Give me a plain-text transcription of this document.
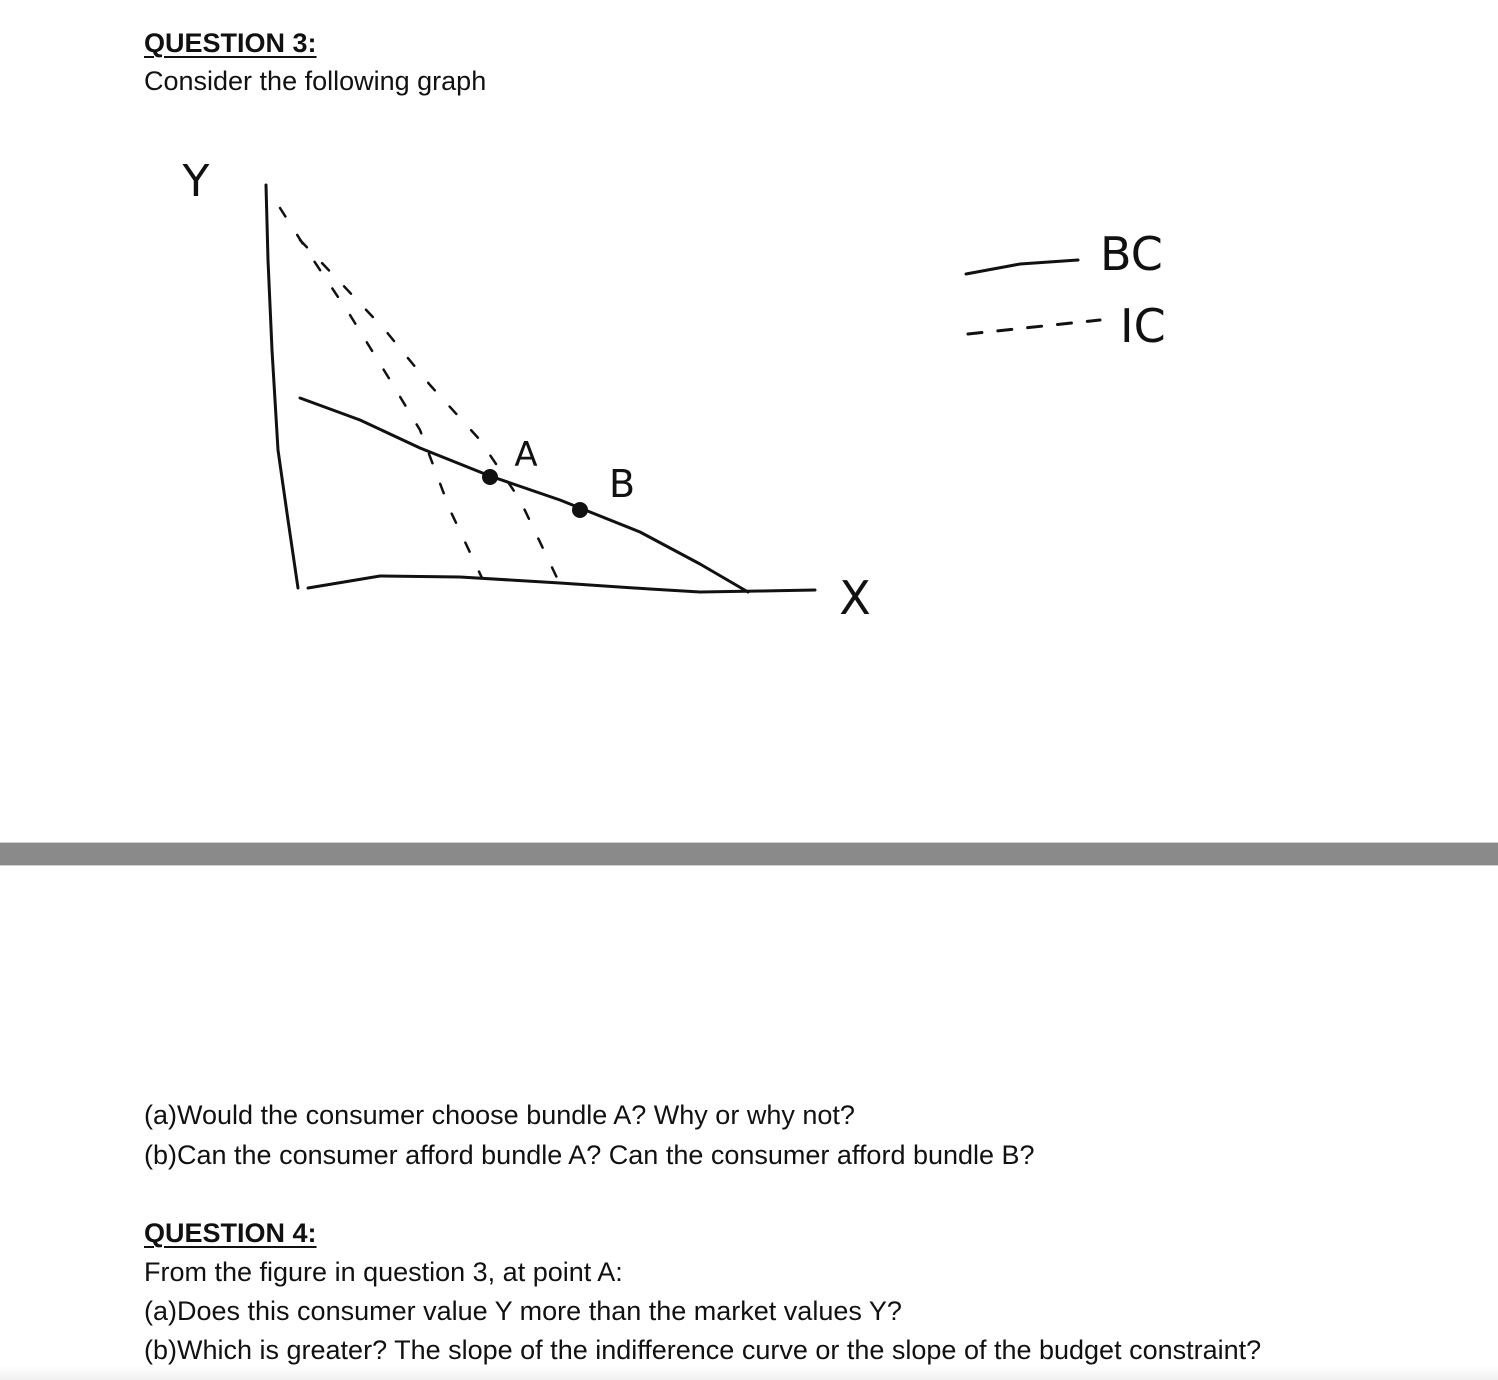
QUESTION 3:
Consider the following graph
Y
X
A
B
BC
IC
(a)Would the consumer choose bundle A? Why or why not?
(b)Can the consumer afford bundle A? Can the consumer afford bundle B?
QUESTION 4:
From the figure in question 3, at point A:
(a)Does this consumer value Y more than the market values Y?
(b)Which is greater? The slope of the indifference curve or the slope of the budget constraint?
